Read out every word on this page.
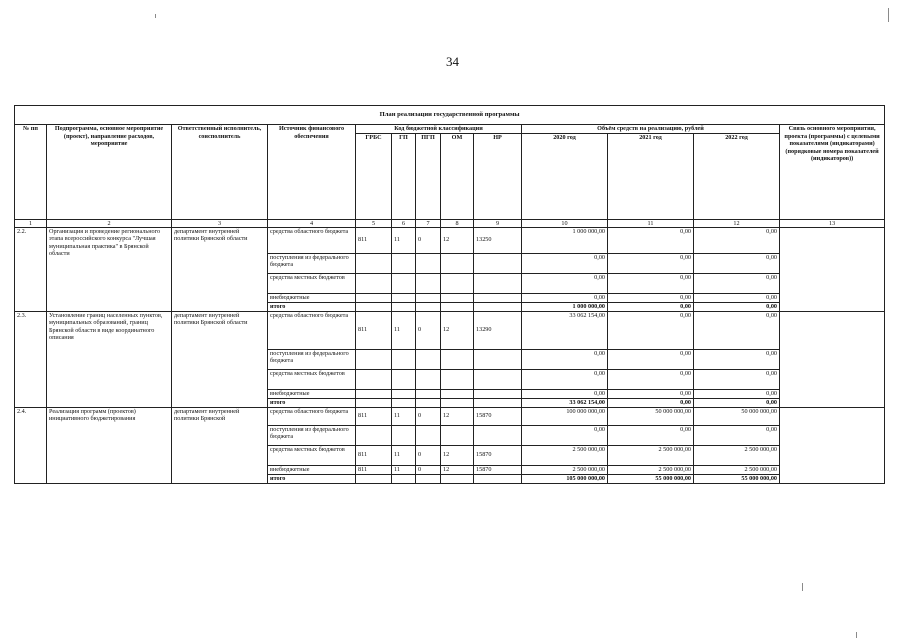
34
План реализации государственной программы												
№ пп	Подпрограмма, основное мероприятие (проект), направление расходов, мероприятие	Ответственный исполнитель, соисполнитель	Источник финансового обеспечения	Код бюджетной классификации					Объём средств на реализацию, рублей			Связь основного мероприятия, проекта (программы) с целевыми показателями (индикаторами) (порядковые номера показателей (индикаторов))
				ГРБС	ГП	ПГП	ОМ	НР	2020 год	2021 год	2022 год	
1	2	3	4	5	6	7	8	9	10	11	12	13
2.2.	Организация и проведение регионального этапа всероссийского конкурса "Лучшая муниципальная практика" в Брянской области	департамент внутренней политики Брянской области	средства областного бюджета	811	11	0	12	13250	1 000 000,00	0,00	0,00	
			поступления из федерального бюджета						0,00	0,00	0,00	
			средства местных бюджетов						0,00	0,00	0,00	
			внебюджетные						0,00	0,00	0,00	
			итого						1 000 000,00	0,00	0,00	
2.3.	Установление границ населенных пунктов, муниципальных образований, границ Брянской области в виде координатного описания	департамент внутренней политики Брянской области	средства областного бюджета	811	11	0	12	13290	33 062 154,00	0,00	0,00	
			поступления из федерального бюджета						0,00	0,00	0,00	
			средства местных бюджетов						0,00	0,00	0,00	
			внебюджетные						0,00	0,00	0,00	
			итого						33 062 154,00	0,00	0,00	
2.4.	Реализация программ (проектов) инициативного бюджетирования	департамент внутренней политики Брянской	средства областного бюджета	811	11	0	12	15870	100 000 000,00	50 000 000,00	50 000 000,00	
			поступления из федерального бюджета						0,00	0,00	0,00	
			средства местных бюджетов	811	11	0	12	15870	2 500 000,00	2 500 000,00	2 500 000,00	
			внебюджетные	811	11	0	12	15870	2 500 000,00	2 500 000,00	2 500 000,00	
			итого						105 000 000,00	55 000 000,00	55 000 000,00	
